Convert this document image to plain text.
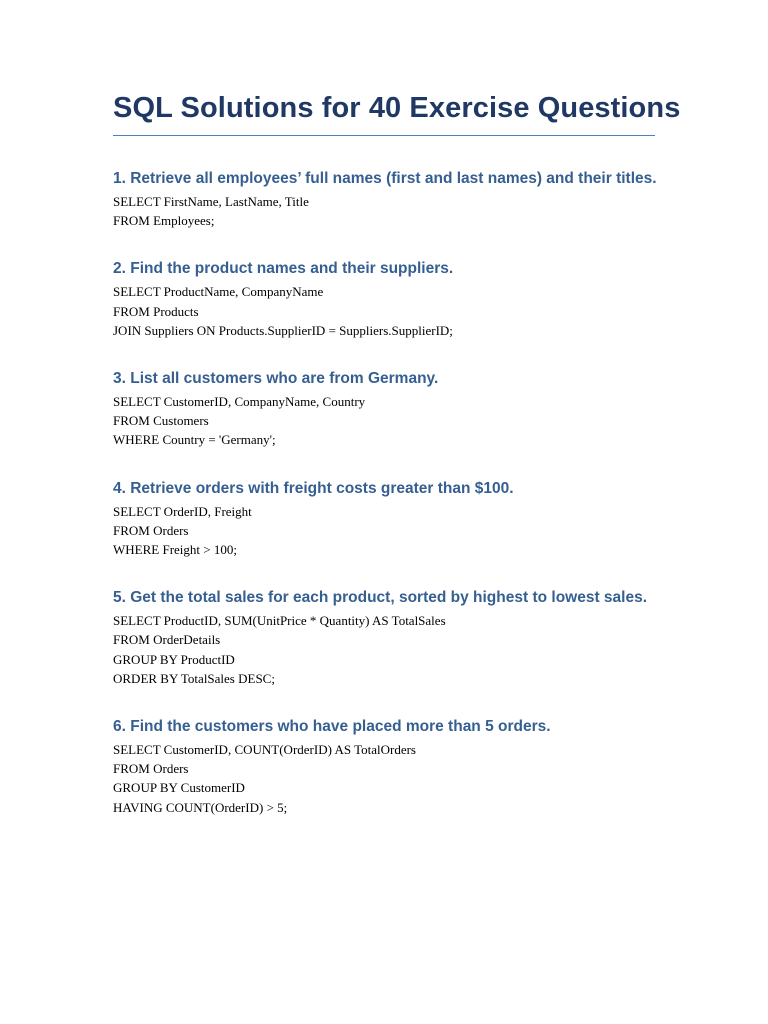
SQL Solutions for 40 Exercise Questions
1. Retrieve all employees’ full names (first and last names) and their titles.

SELECT FirstName, LastName, Title

FROM Employees;

2. Find the product names and their suppliers.

SELECT ProductName, CompanyName

FROM Products

JOIN Suppliers ON Products.SupplierID = Suppliers.SupplierID;

3. List all customers who are from Germany.

SELECT CustomerID, CompanyName, Country

FROM Customers

WHERE Country = 'Germany';

4. Retrieve orders with freight costs greater than $100.

SELECT OrderID, Freight

FROM Orders

WHERE Freight > 100;

5. Get the total sales for each product, sorted by highest to lowest sales.

SELECT ProductID, SUM(UnitPrice * Quantity) AS TotalSales

FROM OrderDetails

GROUP BY ProductID

ORDER BY TotalSales DESC;

6. Find the customers who have placed more than 5 orders.

SELECT CustomerID, COUNT(OrderID) AS TotalOrders

FROM Orders

GROUP BY CustomerID

HAVING COUNT(OrderID) > 5;
